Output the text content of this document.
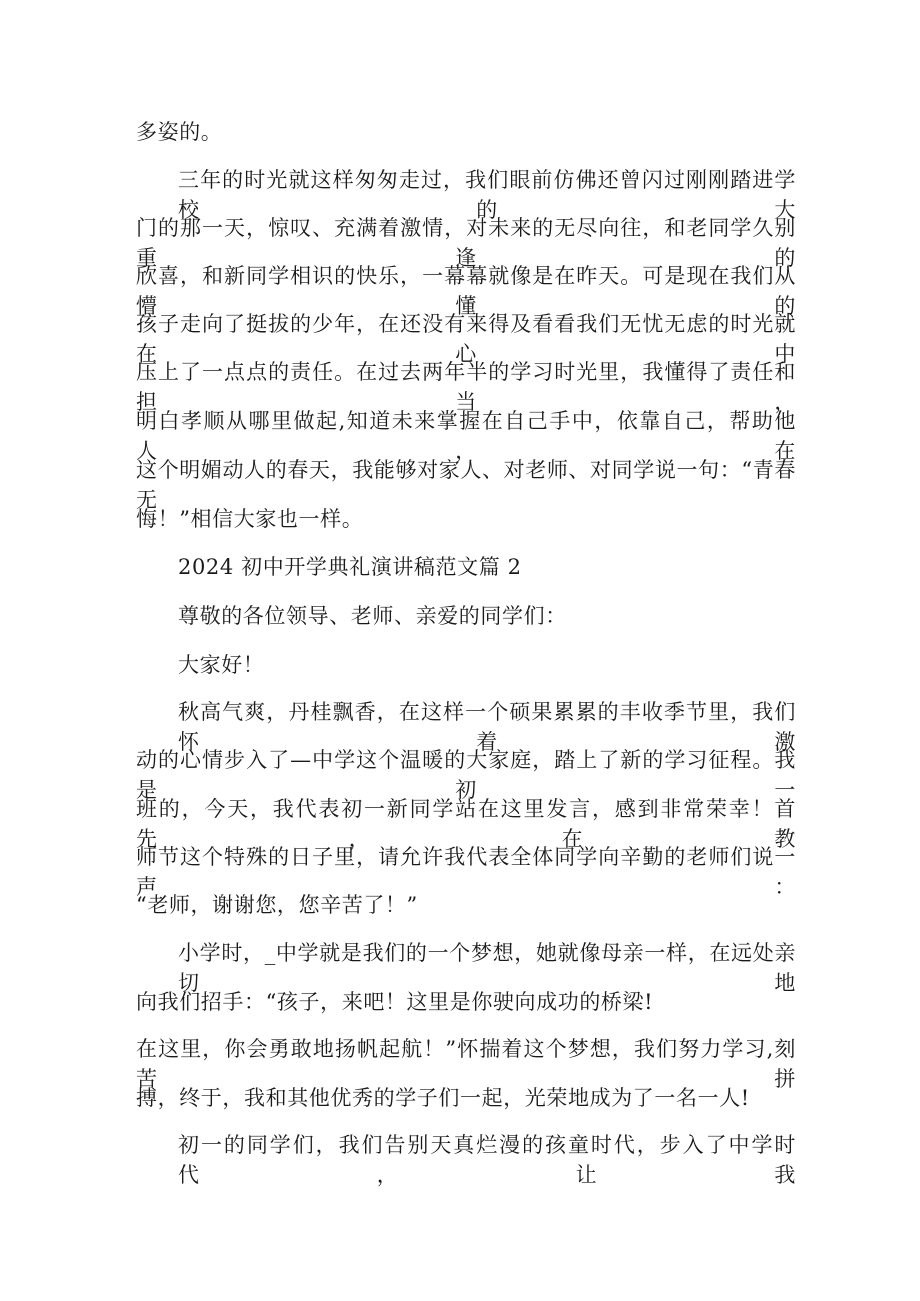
多姿的。
三年的时光就这样匆匆走过，我们眼前仿佛还曾闪过刚刚踏进学校的大
门的那一天，惊叹、充满着激情，对未来的无尽向往，和老同学久别重逢的
欣喜，和新同学相识的快乐，一幕幕就像是在昨天。可是现在我们从懵懂的
孩子走向了挺拔的少年，在还没有来得及看看我们无忧无虑的时光就在心中
压上了一点点的责任。在过去两年半的学习时光里，我懂得了责任和担当，
明白孝顺从哪里做起,知道未来掌握在自己手中，依靠自己，帮助他人，在
这个明媚动人的春天，我能够对家人、对老师、对同学说一句：“青春无
悔！”相信大家也一样。
2024 初中开学典礼演讲稿范文篇 2
尊敬的各位领导、老师、亲爱的同学们：
大家好！
秋高气爽，丹桂飘香，在这样一个硕果累累的丰收季节里，我们怀着激
动的心情步入了—中学这个温暖的大家庭，踏上了新的学习征程。我是初一
班的，今天，我代表初一新同学站在这里发言，感到非常荣幸！首先，在教
师节这个特殊的日子里，请允许我代表全体同学向辛勤的老师们说一声：
“老师，谢谢您，您辛苦了！”
小学时，_中学就是我们的一个梦想，她就像母亲一样，在远处亲切地
向我们招手：“孩子，来吧！这里是你驶向成功的桥梁!
在这里，你会勇敢地扬帆起航！”怀揣着这个梦想，我们努力学习,刻苦拼
搏，终于，我和其他优秀的学子们一起，光荣地成为了一名一人!
初一的同学们，我们告别天真烂漫的孩童时代，步入了中学时代，让我
